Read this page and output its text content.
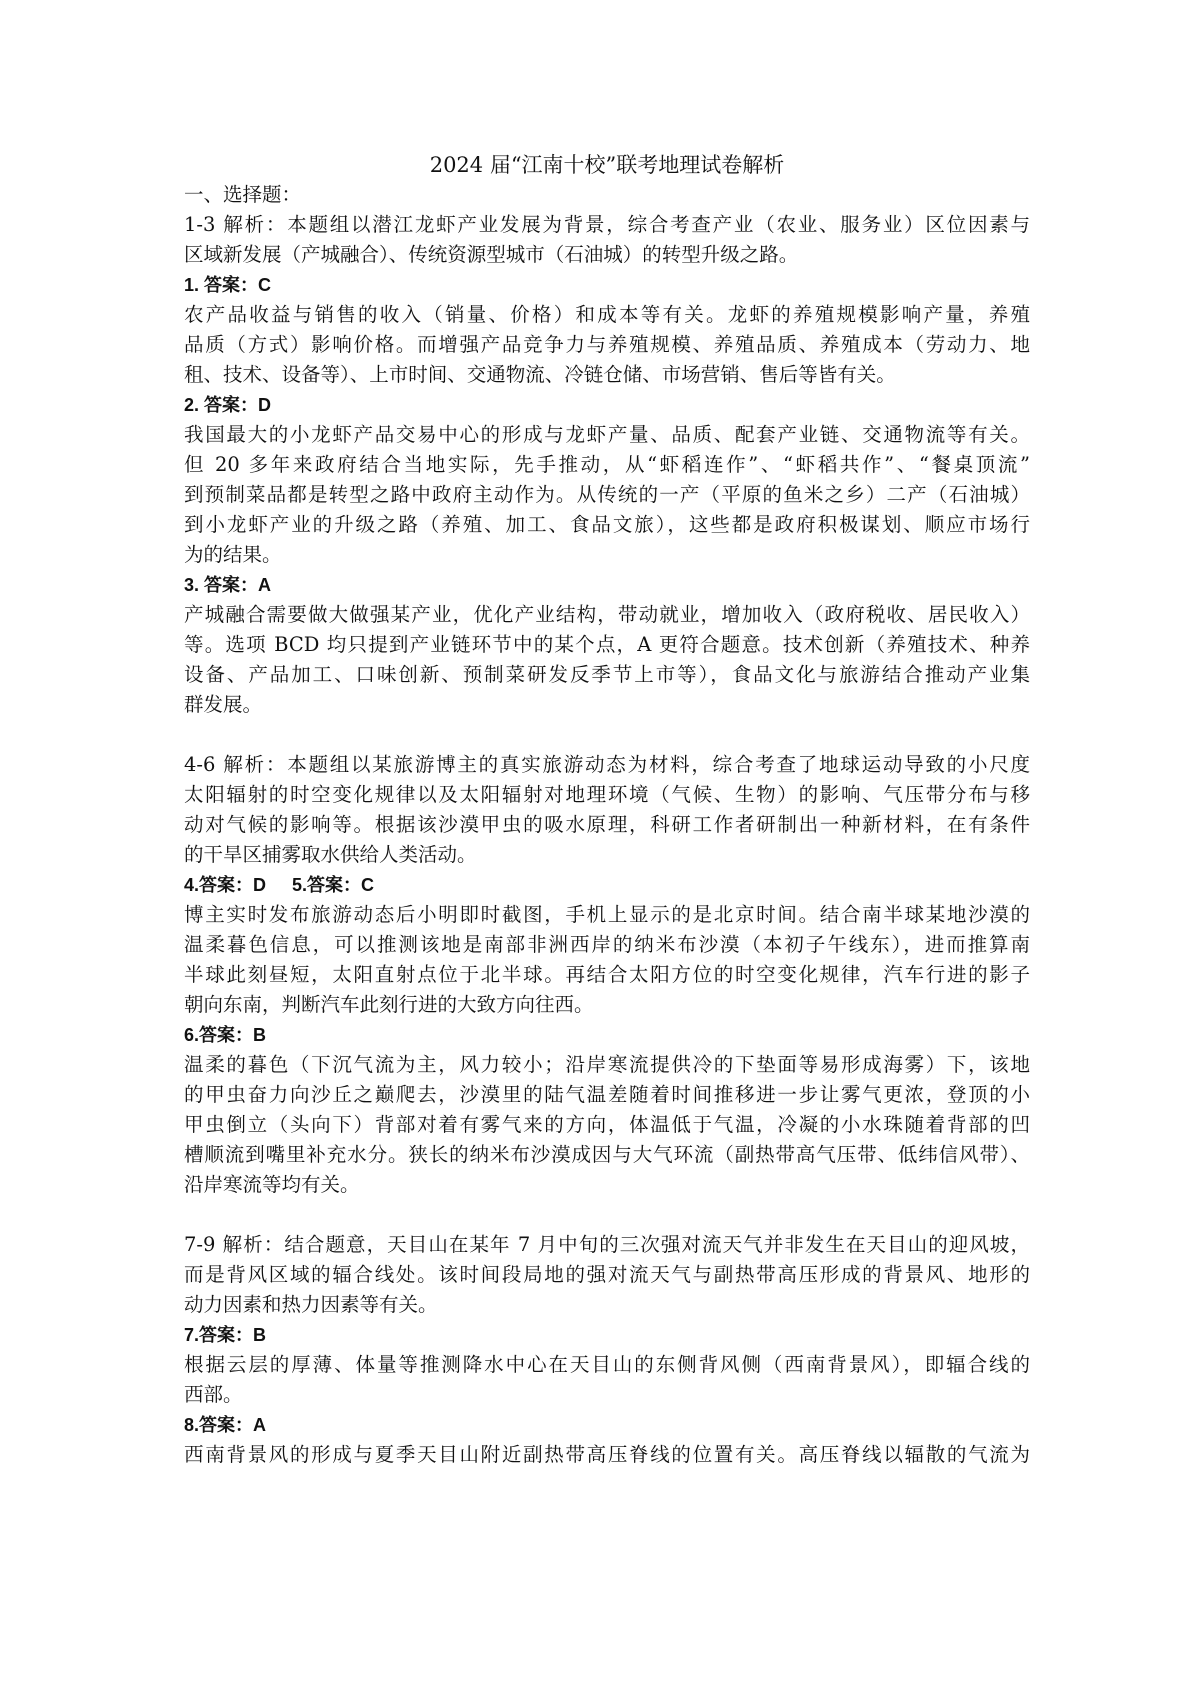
2024 届“江南十校”联考地理试卷解析
一、选择题：
1-3 解析：本题组以潜江龙虾产业发展为背景，综合考查产业（农业、服务业）区位因素与
区域新发展（产城融合）、传统资源型城市（石油城）的转型升级之路。
1. 答案：C
农产品收益与销售的收入（销量、价格）和成本等有关。龙虾的养殖规模影响产量，养殖
品质（方式）影响价格。而增强产品竞争力与养殖规模、养殖品质、养殖成本（劳动力、地
租、技术、设备等）、上市时间、交通物流、冷链仓储、市场营销、售后等皆有关。
2. 答案：D
我国最大的小龙虾产品交易中心的形成与龙虾产量、品质、配套产业链、交通物流等有关。
但 20 多年来政府结合当地实际，先手推动，从“虾稻连作”、“虾稻共作”、“餐桌顶流”
到预制菜品都是转型之路中政府主动作为。从传统的一产（平原的鱼米之乡）二产（石油城）
到小龙虾产业的升级之路（养殖、加工、食品文旅），这些都是政府积极谋划、顺应市场行
为的结果。
3. 答案：A
产城融合需要做大做强某产业，优化产业结构，带动就业，增加收入（政府税收、居民收入）
等。选项 BCD 均只提到产业链环节中的某个点，A 更符合题意。技术创新（养殖技术、种养
设备、产品加工、口味创新、预制菜研发反季节上市等），食品文化与旅游结合推动产业集
群发展。
4-6 解析：本题组以某旅游博主的真实旅游动态为材料，综合考查了地球运动导致的小尺度
太阳辐射的时空变化规律以及太阳辐射对地理环境（气候、生物）的影响、气压带分布与移
动对气候的影响等。根据该沙漠甲虫的吸水原理，科研工作者研制出一种新材料，在有条件
的干旱区捕雾取水供给人类活动。
4.答案：D 5.答案：C
博主实时发布旅游动态后小明即时截图，手机上显示的是北京时间。结合南半球某地沙漠的
温柔暮色信息，可以推测该地是南部非洲西岸的纳米布沙漠（本初子午线东），进而推算南
半球此刻昼短，太阳直射点位于北半球。再结合太阳方位的时空变化规律，汽车行进的影子
朝向东南，判断汽车此刻行进的大致方向往西。
6.答案：B
温柔的暮色（下沉气流为主，风力较小；沿岸寒流提供冷的下垫面等易形成海雾）下，该地
的甲虫奋力向沙丘之巅爬去，沙漠里的陆气温差随着时间推移进一步让雾气更浓，登顶的小
甲虫倒立（头向下）背部对着有雾气来的方向，体温低于气温，冷凝的小水珠随着背部的凹
槽顺流到嘴里补充水分。狭长的纳米布沙漠成因与大气环流（副热带高气压带、低纬信风带）、
沿岸寒流等均有关。
7-9 解析：结合题意，天目山在某年 7 月中旬的三次强对流天气并非发生在天目山的迎风坡，
而是背风区域的辐合线处。该时间段局地的强对流天气与副热带高压形成的背景风、地形的
动力因素和热力因素等有关。
7.答案：B
根据云层的厚薄、体量等推测降水中心在天目山的东侧背风侧（西南背景风），即辐合线的
西部。
8.答案：A
西南背景风的形成与夏季天目山附近副热带高压脊线的位置有关。高压脊线以辐散的气流为
